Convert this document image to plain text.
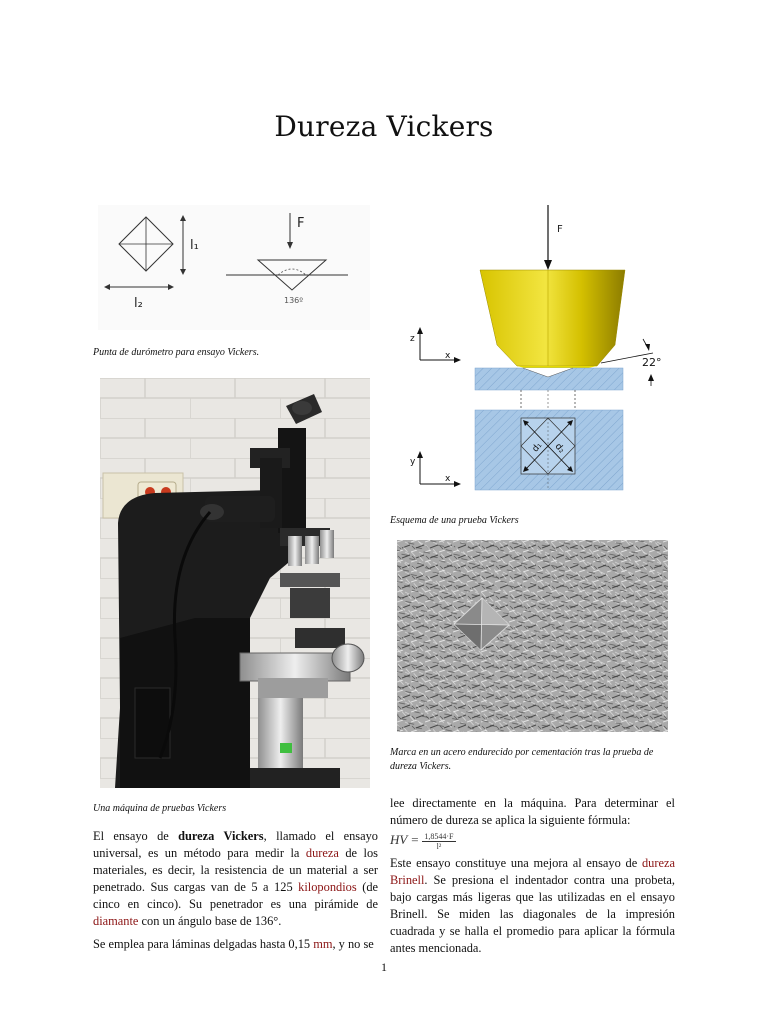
Dureza Vickers
l₁
l₂
F
136º
Punta de durómetro para ensayo Vickers.
F
22°
z
x
d₁ d₂
y
x
Esquema de una prueba Vickers
Marca en un acero endurecido por cementación tras la prueba de dureza Vickers.
Una máquina de pruebas Vickers

El ensayo de dureza Vickers, llamado el ensayo universal, es un método para medir la dureza de los materiales, es decir, la resistencia de un material a ser penetrado. Sus cargas van de 5 a 125 kilopondios (de cinco en cinco). Su penetrador es una pirámide de diamante con un ángulo base de 136°.

Se emplea para láminas delgadas hasta 0,15 mm, y no se

lee directamente en la máquina. Para determinar el número de dureza se aplica la siguiente fórmula:

HV = $\frac{1,8544\cdot F}{\text{l²}}$

Este ensayo constituye una mejora al ensayo de dureza Brinell. Se presiona el indentador contra una probeta, bajo cargas más ligeras que las utilizadas en el ensayo Brinell. Se miden las diagonales de la impresión cuadrada y se halla el promedio para aplicar la fórmula antes mencionada.

1
